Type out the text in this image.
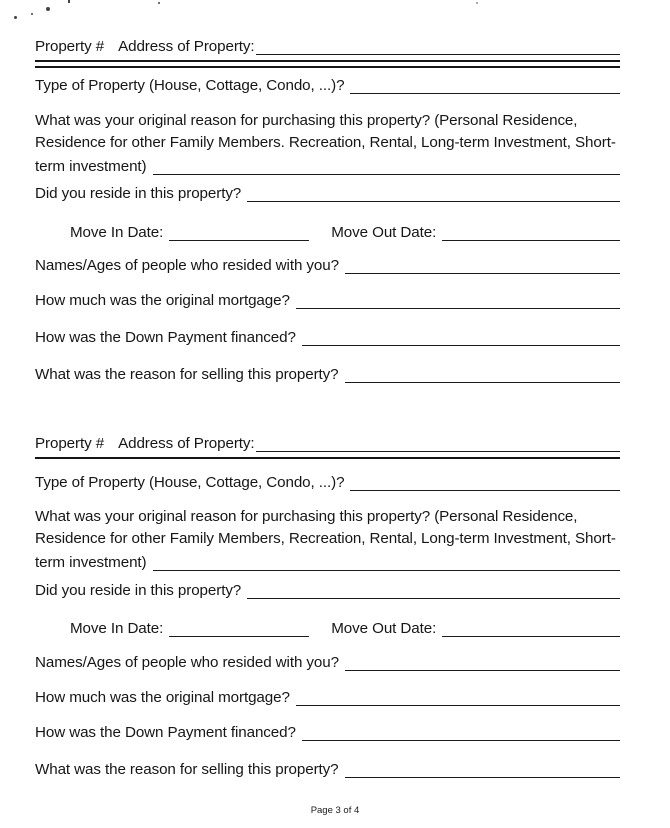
Property # Address of Property:
Type of Property (House, Cottage, Condo, ...)?
What was your original reason for purchasing this property? (Personal Residence,
Residence for other Family Members. Recreation, Rental, Long-term Investment, Short-
term investment)
Did you reside in this property?
Move In Date:	Move Out Date:
Names/Ages of people who resided with you?
How much was the original mortgage?
How was the Down Payment financed?
What was the reason for selling this property?
Property # Address of Property:
Type of Property (House, Cottage, Condo, ...)?
What was your original reason for purchasing this property? (Personal Residence,
Residence for other Family Members, Recreation, Rental, Long-term Investment, Short-
term investment)
Did you reside in this property?
Move In Date:	Move Out Date:
Names/Ages of people who resided with you?
How much was the original mortgage?
How was the Down Payment financed?
What was the reason for selling this property?
Page 3 of 4
